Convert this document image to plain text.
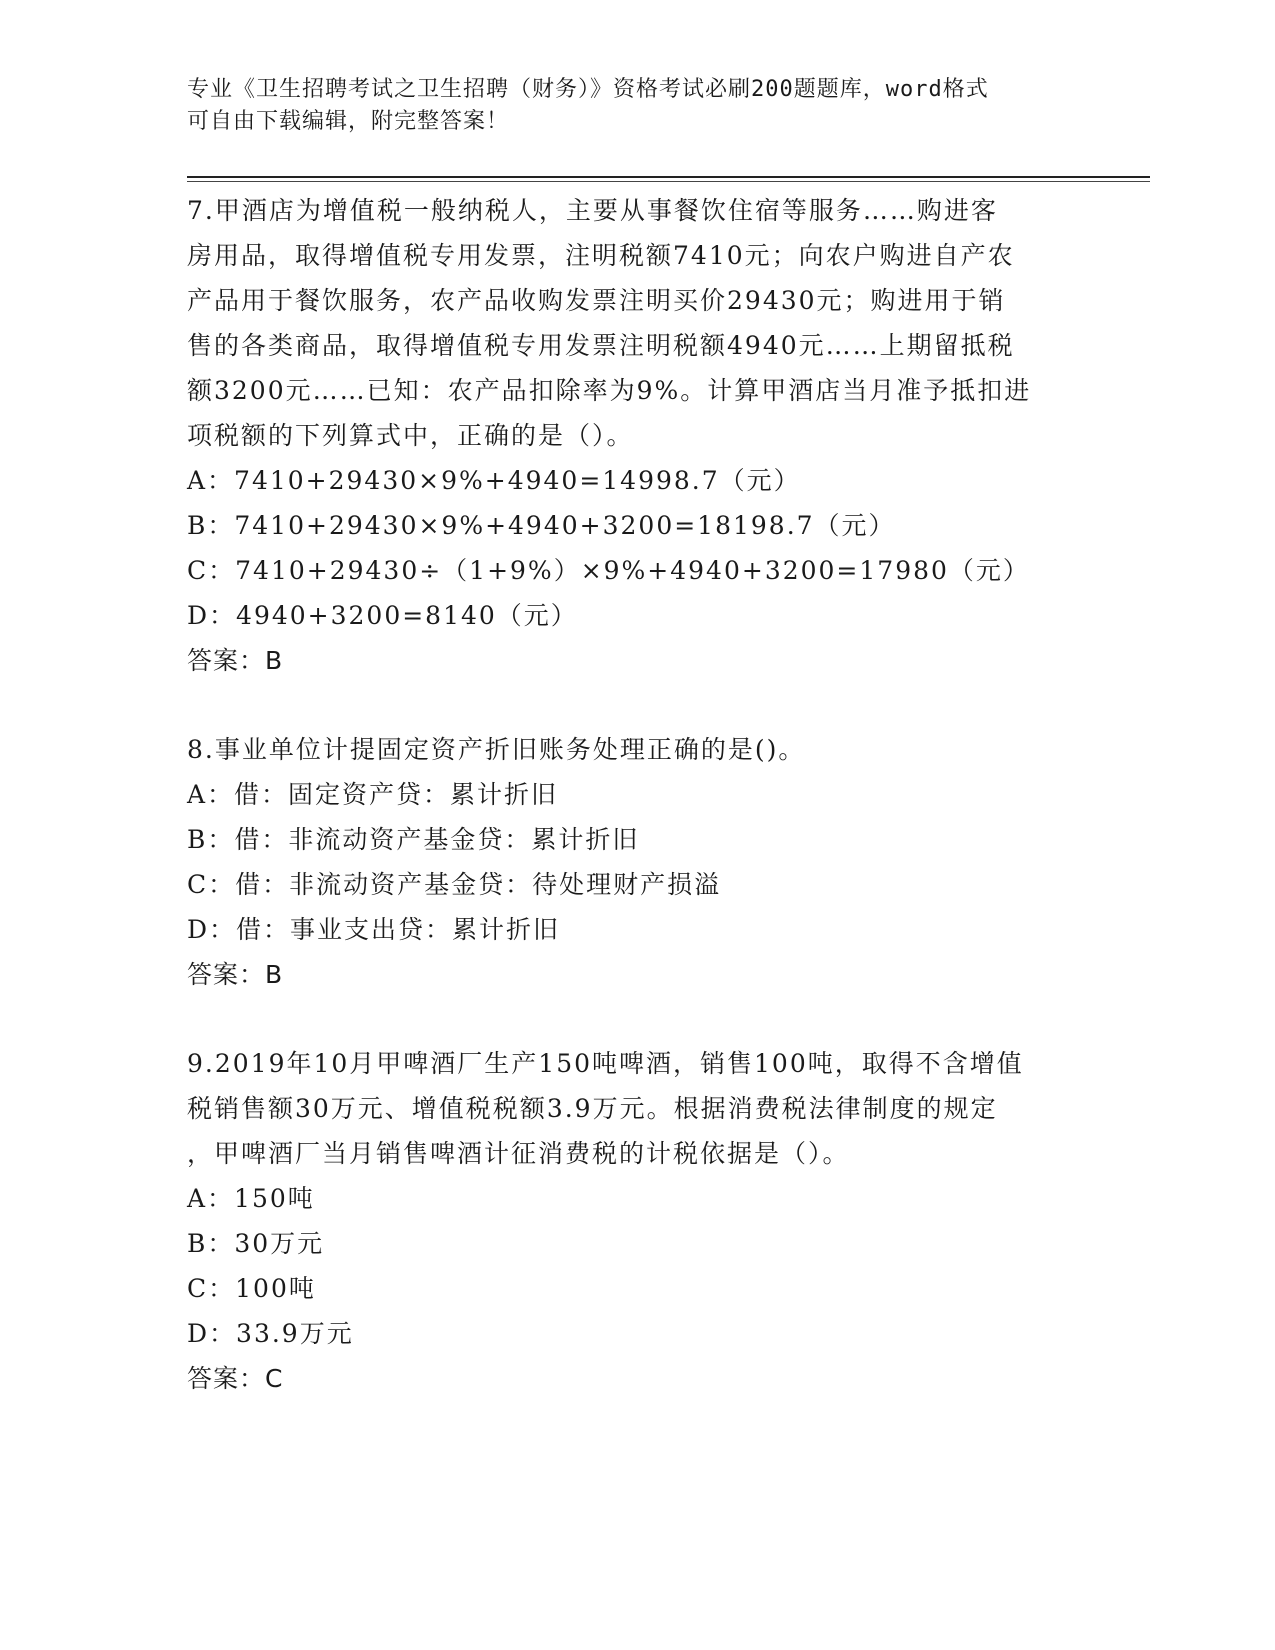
专业《卫生招聘考试之卫生招聘（财务）》资格考试必刷200题题库，word格式
可自由下载编辑，附完整答案！
7.甲酒店为增值税一般纳税人，主要从事餐饮住宿等服务……购进客
房用品，取得增值税专用发票，注明税额7410元；向农户购进自产农
产品用于餐饮服务，农产品收购发票注明买价29430元；购进用于销
售的各类商品，取得增值税专用发票注明税额4940元……上期留抵税
额3200元……已知：农产品扣除率为9%。计算甲酒店当月准予抵扣进
项税额的下列算式中，正确的是（）。
A：7410+29430×9%+4940=14998.7（元）
B：7410+29430×9%+4940+3200=18198.7（元）
C：7410+29430÷（1+9%）×9%+4940+3200=17980（元）
D：4940+3200=8140（元）
答案：B
8.事业单位计提固定资产折旧账务处理正确的是()。
A：借：固定资产贷：累计折旧
B：借：非流动资产基金贷：累计折旧
C：借：非流动资产基金贷：待处理财产损溢
D：借：事业支出贷：累计折旧
答案：B
9.2019年10月甲啤酒厂生产150吨啤酒，销售100吨，取得不含增值
税销售额30万元、增值税税额3.9万元。根据消费税法律制度的规定
，甲啤酒厂当月销售啤酒计征消费税的计税依据是（）。
A：150吨
B：30万元
C：100吨
D：33.9万元
答案：C
